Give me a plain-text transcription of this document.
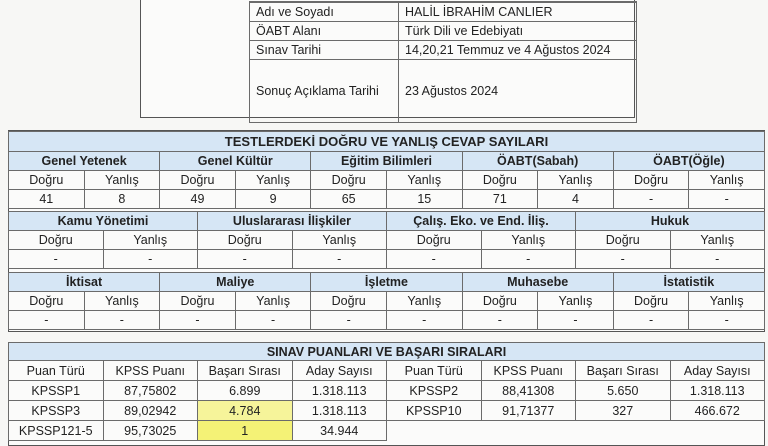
Adı ve Soyadı	HALİL İBRAHİM CANLIER
ÖABT Alanı	Türk Dili ve Edebiyatı
Sınav Tarihi	14,20,21 Temmuz ve 4 Ağustos 2024
Sonuç Açıklama Tarihi	23 Ağustos 2024
TESTLERDEKİ DOĞRU VE YANLIŞ CEVAP SAYILARI									
Genel Yetenek		Genel Kültür		Eğitim Bilimleri		ÖABT(Sabah)		ÖABT(Öğle)	
Doğru	Yanlış	Doğru	Yanlış	Doğru	Yanlış	Doğru	Yanlış	Doğru	Yanlış
41	8	49	9	65	15	71	4	-	-
Kamu Yönetimi		Uluslararası İlişkiler		Çalış. Eko. ve End. İliş.		Hukuk	
Doğru	Yanlış	Doğru	Yanlış	Doğru	Yanlış	Doğru	Yanlış
-	-	-	-	-	-	-	-
İktisat		Maliye		İşletme		Muhasebe		İstatistik	
Doğru	Yanlış	Doğru	Yanlış	Doğru	Yanlış	Doğru	Yanlış	Doğru	Yanlış
-	-	-	-	-	-	-	-	-	-
SINAV PUANLARI VE BAŞARI SIRALARI							
Puan Türü	KPSS Puanı	Başarı Sırası	Aday Sayısı	Puan Türü	KPSS Puanı	Başarı Sırası	Aday Sayısı
KPSSP1	87,75802	6.899	1.318.113	KPSSP2	88,41308	5.650	1.318.113
KPSSP3	89,02942	4.784	1.318.113	KPSSP10	91,71377	327	466.672
KPSSP121-5	95,73025	1	34.944				
